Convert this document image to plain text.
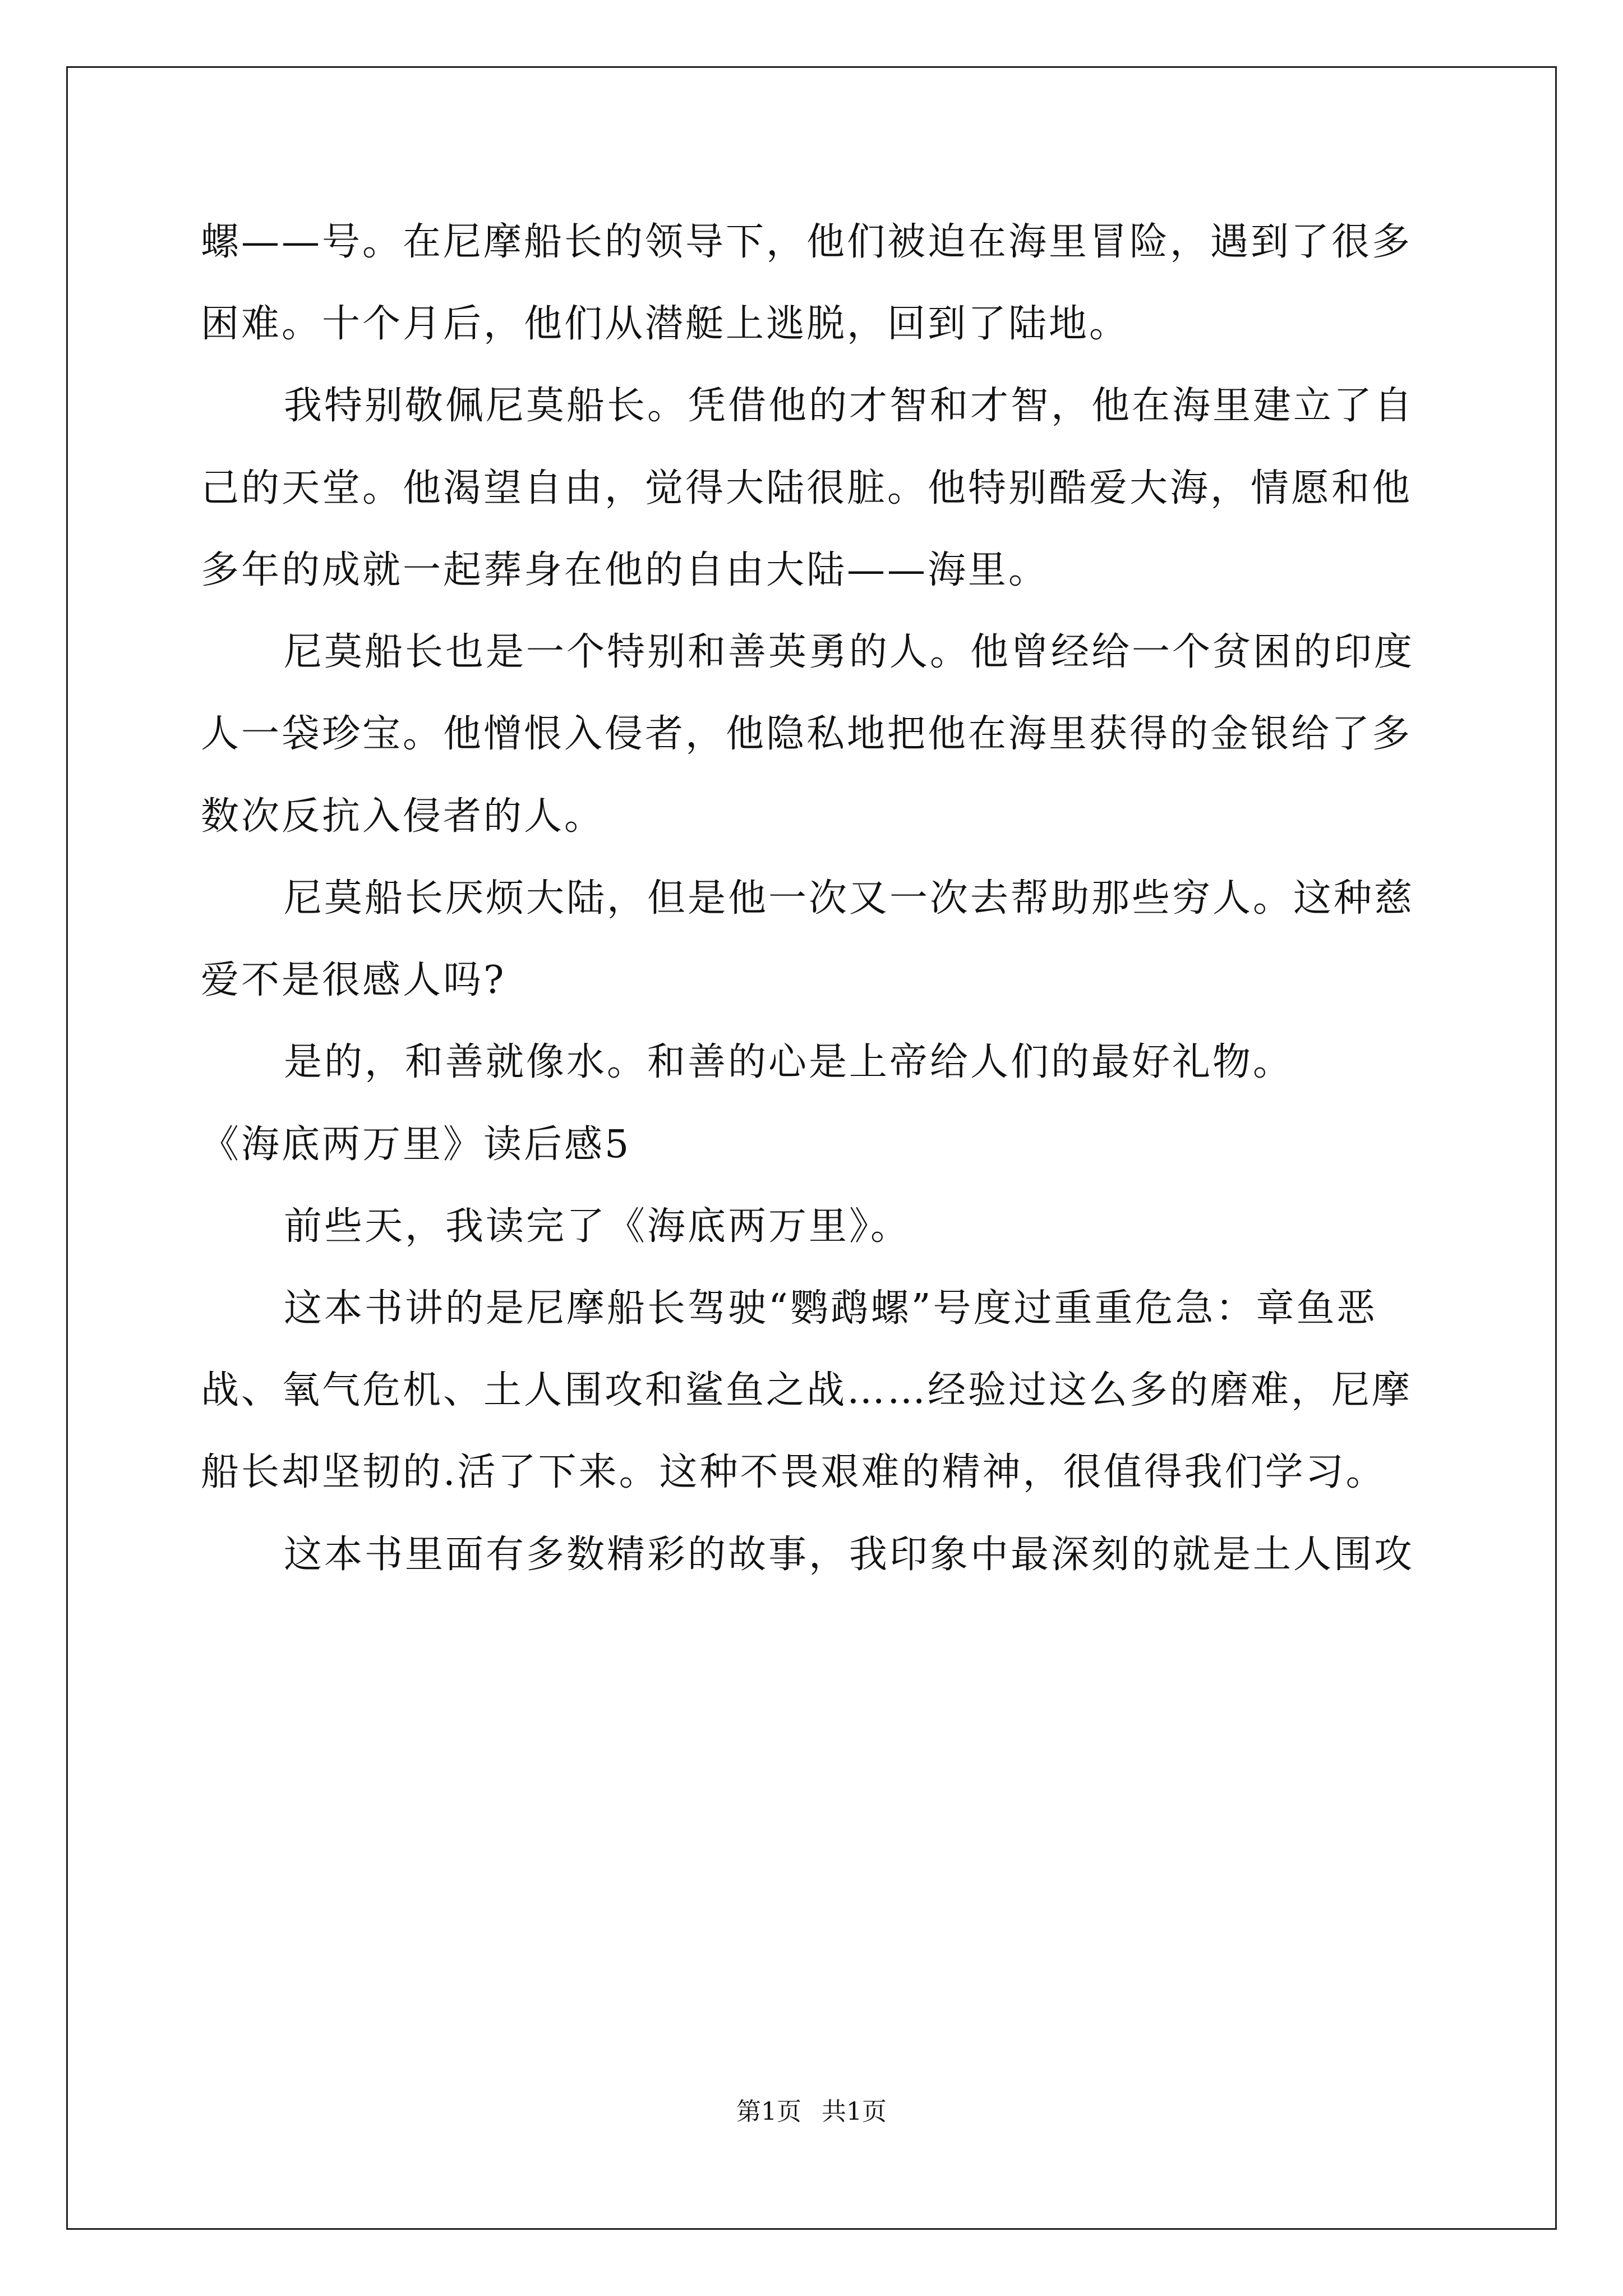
螺——号。在尼摩船长的领导下，他们被迫在海里冒险，遇到了很多
困难。十个月后，他们从潜艇上逃脱，回到了陆地。
我特别敬佩尼莫船长。凭借他的才智和才智，他在海里建立了自
己的天堂。他渴望自由，觉得大陆很脏。他特别酷爱大海，情愿和他
多年的成就一起葬身在他的自由大陆——海里。
尼莫船长也是一个特别和善英勇的人。他曾经给一个贫困的印度
人一袋珍宝。他憎恨入侵者，他隐私地把他在海里获得的金银给了多
数次反抗入侵者的人。
尼莫船长厌烦大陆，但是他一次又一次去帮助那些穷人。这种慈
爱不是很感人吗?
是的，和善就像水。和善的心是上帝给人们的最好礼物。
《海底两万里》读后感5
前些天，我读完了《海底两万里》。
这本书讲的是尼摩船长驾驶“鹦鹉螺”号度过重重危急：章鱼恶
战、氧气危机、土人围攻和鲨鱼之战……经验过这么多的磨难，尼摩
船长却坚韧的.活了下来。这种不畏艰难的精神，很值得我们学习。
这本书里面有多数精彩的故事，我印象中最深刻的就是土人围攻
第1页 共1页
